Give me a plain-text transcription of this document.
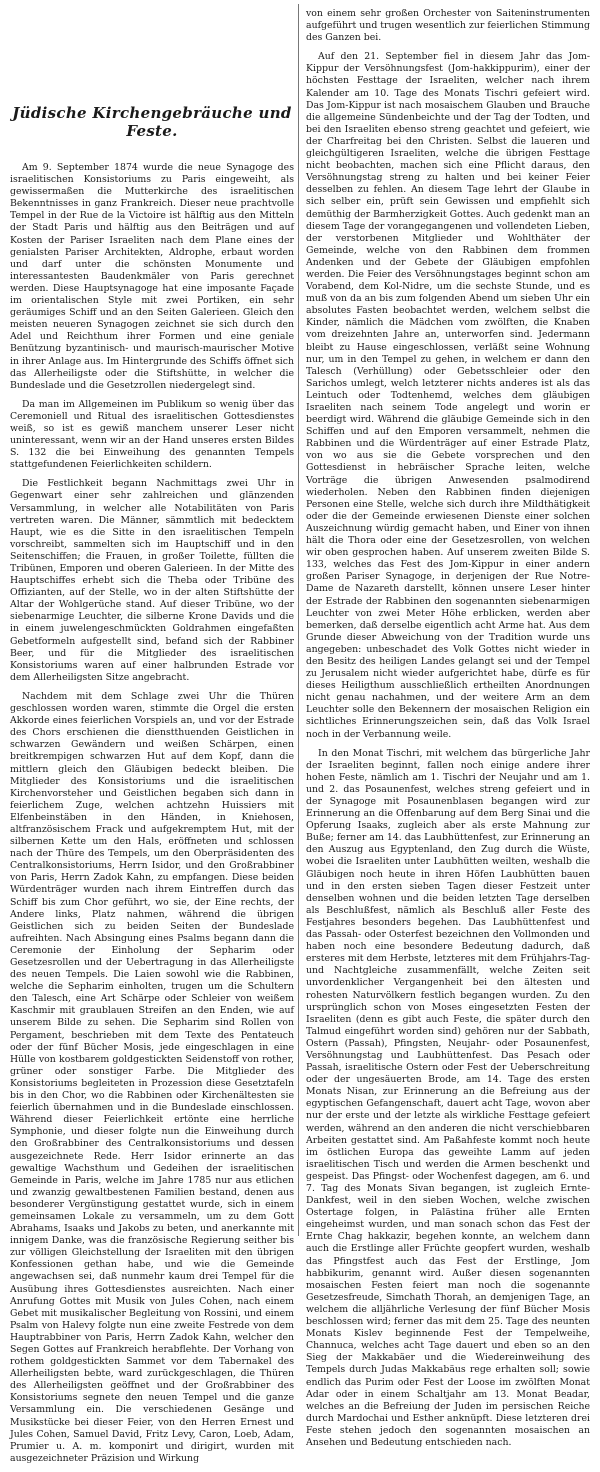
Jüdische Kirchengebräuche und Feste.

Am 9. September 1874 wurde die neue Synagoge des israelitischen Konsistoriums zu Paris eingeweiht, als gewissermaßen die Mutterkirche des israelitischen Bekenntnisses in ganz Frankreich. Dieser neue prachtvolle Tempel in der Rue de la Victoire ist hälftig aus den Mitteln der Stadt Paris und hälftig aus den Beiträgen und auf Kosten der Pariser Israeliten nach dem Plane eines der genialsten Pariser Architekten, Aldrophe, erbaut worden und darf unter die schönsten Monumente und interessantesten Baudenkmäler von Paris gerechnet werden. Diese Hauptsynagoge hat eine imposante Façade im orientalischen Style mit zwei Portiken, ein sehr geräumiges Schiff und an den Seiten Galerieen. Gleich den meisten neueren Synagogen zeichnet sie sich durch den Adel und Reichthum ihrer Formen und eine geniale Benützung byzantinisch- und maurisch-maurischer Motive in ihrer Anlage aus. Im Hintergrunde des Schiffs öffnet sich das Allerheiligste oder die Stiftshütte, in welcher die Bundeslade und die Gesetzrollen niedergelegt sind.

Da man im Allgemeinen im Publikum so wenig über das Ceremoniell und Ritual des israelitischen Gottesdienstes weiß, so ist es gewiß manchem unserer Leser nicht uninteressant, wenn wir an der Hand unseres ersten Bildes S. 132 die bei Einweihung des genannten Tempels stattgefundenen Feierlichkeiten schildern.

Die Festlichkeit begann Nachmittags zwei Uhr in Gegenwart einer sehr zahlreichen und glänzenden Versammlung, in welcher alle Notabilitäten von Paris vertreten waren. Die Männer, sämmtlich mit bedecktem Haupt, wie es die Sitte in den israelitischen Tempeln vorschreibt, sammelten sich im Hauptschiff und in den Seitenschiffen; die Frauen, in großer Toilette, füllten die Tribünen, Emporen und oberen Galerieen. In der Mitte des Hauptschiffes erhebt sich die Theba oder Tribüne des Offizianten, auf der Stelle, wo in der alten Stiftshütte der Altar der Wohlgerüche stand. Auf dieser Tribüne, wo der siebenarmige Leuchter, die silberne Krone Davids und die in einem juwelengeschmückten Goldrahmen eingefaßten Gebetformeln aufgestellt sind, befand sich der Rabbiner Beer, und für die Mitglieder des israelitischen Konsistoriums waren auf einer halbrunden Estrade vor dem Allerheiligsten Sitze angebracht.

Nachdem mit dem Schlage zwei Uhr die Thüren geschlossen worden waren, stimmte die Orgel die ersten Akkorde eines feierlichen Vorspiels an, und vor der Estrade des Chors erschienen die dienstthuenden Geistlichen in schwarzen Gewändern und weißen Schärpen, einen breitkrempigen schwarzen Hut auf dem Kopf, dann die mittlern gleich den Gläubigen bedeckt bleiben. Die Mitglieder des Konsistoriums und die israelitischen Kirchenvorsteher und Geistlichen begaben sich dann in feierlichem Zuge, welchen achtzehn Huissiers mit Elfenbeinstäben in den Händen, in Kniehosen, altfranzösischem Frack und aufgekremptem Hut, mit der silbernen Kette um den Hals, eröffneten und schlossen nach der Thüre des Tempels, um den Oberpräsidenten des Centralkonsistoriums, Herrn Isidor, und den Großrabbiner von Paris, Herrn Zadok Kahn, zu empfangen. Diese beiden Würdenträger wurden nach ihrem Eintreffen durch das Schiff bis zum Chor geführt, wo sie, der Eine rechts, der Andere links, Platz nahmen, während die übrigen Geistlichen sich zu beiden Seiten der Bundeslade aufreihten. Nach Absingung eines Psalms begann dann die Ceremonie der Einholung der Sepharim oder Gesetzesrollen und der Uebertragung in das Allerheiligste des neuen Tempels. Die Laien sowohl wie die Rabbinen, welche die Sepharim einholten, trugen um die Schultern den Talesch, eine Art Schärpe oder Schleier von weißem Kaschmir mit graublauen Streifen an den Enden, wie auf unserem Bilde zu sehen. Die Sepharim sind Rollen von Pergament, beschrieben mit dem Texte des Pentateuch oder der fünf Bücher Mosis, jede eingeschlagen in eine Hülle von kostbarem goldgestickten Seidenstoff von rother, grüner oder sonstiger Farbe. Die Mitglieder des Konsistoriums begleiteten in Prozession diese Gesetztafeln bis in den Chor, wo die Rabbinen oder Kirchenältesten sie feierlich übernahmen und in die Bundeslade einschlossen. Während dieser Feierlichkeit ertönte eine herrliche Symphonie, und dieser folgte nun die Einweihung durch den Großrabbiner des Centralkonsistoriums und dessen ausgezeichnete Rede. Herr Isidor erinnerte an das gewaltige Wachsthum und Gedeihen der israelitischen Gemeinde in Paris, welche im Jahre 1785 nur aus etlichen und zwanzig gewaltbestenen Familien bestand, denen aus besonderer Vergünstigung gestattet wurde, sich in einem gemeinsamen Lokale zu versammeln, um zu dem Gott Abrahams, Isaaks und Jakobs zu beten, und anerkannte mit innigem Danke, was die französische Regierung seither bis zur völligen Gleichstellung der Israeliten mit den übrigen Konfessionen gethan habe, und wie die Gemeinde angewachsen sei, daß nunmehr kaum drei Tempel für die Ausübung ihres Gottesdienstes ausreichten. Nach einer Anrufung Gottes mit Musik von Jules Cohen, nach einem Gebet mit musikalischer Begleitung von Rossini, und einem Psalm von Halevy folgte nun eine zweite Festrede von dem Hauptrabbiner von Paris, Herrn Zadok Kahn, welcher den Segen Gottes auf Frankreich herabflehte. Der Vorhang von rothem goldgestickten Sammet vor dem Tabernakel des Allerheiligsten bebte, ward zurückgeschlagen, die Thüren des Allerheiligsten geöffnet und der Großrabbiner des Konsistoriums segnete den neuen Tempel und die ganze Versammlung ein. Die verschiedenen Gesänge und Musikstücke bei dieser Feier, von den Herren Ernest und Jules Cohen, Samuel David, Fritz Levy, Caron, Loeb, Adam, Prumier u. A. m. komponirt und dirigirt, wurden mit ausgezeichneter Präzision und Wirkung

von einem sehr großen Orchester von Saiteninstrumenten aufgeführt und trugen wesentlich zur feierlichen Stimmung des Ganzen bei.

Auf den 21. September fiel in diesem Jahr das Jom-Kippur der Versöhnungsfest (Jom-hakkippurim), einer der höchsten Festtage der Israeliten, welcher nach ihrem Kalender am 10. Tage des Monats Tischri gefeiert wird. Das Jom-Kippur ist nach mosaischem Glauben und Brauche die allgemeine Sündenbeichte und der Tag der Todten, und bei den Israeliten ebenso streng geachtet und gefeiert, wie der Charfreitag bei den Christen. Selbst die laueren und gleichgültigeren Israeliten, welche die übrigen Festtage nicht beobachten, machen sich eine Pflicht daraus, den Versöhnungstag streng zu halten und bei keiner Feier desselben zu fehlen. An diesem Tage lehrt der Glaube in sich selber ein, prüft sein Gewissen und empfiehlt sich demüthig der Barmherzigkeit Gottes. Auch gedenkt man an diesem Tage der vorangegangenen und vollendeten Lieben, der verstorbenen Mitglieder und Wohlthäter der Gemeinde, welche von den Rabbinen dem frommen Andenken und der Gebete der Gläubigen empfohlen werden. Die Feier des Versöhnungstages beginnt schon am Vorabend, dem Kol-Nidre, um die sechste Stunde, und es muß von da an bis zum folgenden Abend um sieben Uhr ein absolutes Fasten beobachtet werden, welchem selbst die Kinder, nämlich die Mädchen vom zwölften, die Knaben vom dreizehnten Jahre an, unterworfen sind. Jedermann bleibt zu Hause eingeschlossen, verläßt seine Wohnung nur, um in den Tempel zu gehen, in welchem er dann den Talesch (Verhüllung) oder Gebetsschleier oder den Sarichos umlegt, welch letzterer nichts anderes ist als das Leintuch oder Todtenhemd, welches dem gläubigen Israeliten nach seinem Tode angelegt und worin er beerdigt wird. Während die gläubige Gemeinde sich in den Schiffen und auf den Emporen versammelt, nehmen die Rabbinen und die Würdenträger auf einer Estrade Platz, von wo aus sie die Gebete vorsprechen und den Gottesdienst in hebräischer Sprache leiten, welche Vorträge die übrigen Anwesenden psalmodirend wiederholen. Neben den Rabbinen finden diejenigen Personen eine Stelle, welche sich durch ihre Mildthätigkeit oder die der Gemeinde erwiesenen Dienste einer solchen Auszeichnung würdig gemacht haben, und Einer von ihnen hält die Thora oder eine der Gesetzesrollen, von welchen wir oben gesprochen haben. Auf unserem zweiten Bilde S. 133, welches das Fest des Jom-Kippur in einer andern großen Pariser Synagoge, in derjenigen der Rue Notre-Dame de Nazareth darstellt, können unsere Leser hinter der Estrade der Rabbinen den sogenannten siebenarmigen Leuchter von zwei Meter Höhe erblicken, werden aber bemerken, daß derselbe eigentlich acht Arme hat. Aus dem Grunde dieser Abweichung von der Tradition wurde uns angegeben: unbeschadet des Volk Gottes nicht wieder in den Besitz des heiligen Landes gelangt sei und der Tempel zu Jerusalem nicht wieder aufgerichtet habe, dürfe es für dieses Heiligthum ausschließlich ertheilten Anordnungen nicht genau nachahmen, und der weitere Arm an dem Leuchter solle den Bekennern der mosaischen Religion ein sichtliches Erinnerungszeichen sein, daß das Volk Israel noch in der Verbannung weile.

In den Monat Tischri, mit welchem das bürgerliche Jahr der Israeliten beginnt, fallen noch einige andere ihrer hohen Feste, nämlich am 1. Tischri der Neujahr und am 1. und 2. das Posaunenfest, welches streng gefeiert und in der Synagoge mit Posaunenblasen begangen wird zur Erinnerung an die Offenbarung auf dem Berg Sinai und die Opferung Isaaks, zugleich aber als erste Mahnung zur Buße; ferner am 14. das Laubhüttenfest, zur Erinnerung an den Auszug aus Egyptenland, den Zug durch die Wüste, wobei die Israeliten unter Laubhütten weilten, weshalb die Gläubigen noch heute in ihren Höfen Laubhütten bauen und in den ersten sieben Tagen dieser Festzeit unter denselben wohnen und die beiden letzten Tage derselben als Beschlußfest, nämlich als Beschluß aller Feste des Festjahres besonders begehen. Das Laubhüttenfest und das Passah- oder Osterfest bezeichnen den Vollmonden und haben noch eine besondere Bedeutung dadurch, daß ersteres mit dem Herbste, letzteres mit dem Frühjahrs-Tag- und Nachtgleiche zusammenfällt, welche Zeiten seit unvordenklicher Vergangenheit bei den ältesten und rohesten Naturvölkern festlich begangen wurden. Zu den ursprünglich schon von Moses eingesetzten Festen der Israeliten (denn es gibt auch Feste, die später durch den Talmud eingeführt worden sind) gehören nur der Sabbath, Ostern (Passah), Pfingsten, Neujahr- oder Posaunenfest, Versöhnungstag und Laubhüttenfest. Das Pesach oder Passah, israelitische Ostern oder Fest der Ueberschreitung oder der ungesäuerten Brode, am 14. Tage des ersten Monats Nisan, zur Erinnerung an die Befreiung aus der egyptischen Gefangenschaft, dauert acht Tage, wovon aber nur der erste und der letzte als wirkliche Festtage gefeiert werden, während an den anderen die nicht verschiebbaren Arbeiten gestattet sind. Am Paßahfeste kommt noch heute im östlichen Europa das geweihte Lamm auf jeden israelitischen Tisch und werden die Armen beschenkt und gespeist. Das Pfingst- oder Wochenfest dagegen, am 6. und 7. Tag des Monats Sivan begangen, ist zugleich Ernte-Dankfest, weil in den sieben Wochen, welche zwischen Ostertage folgen, in Palästina früher alle Ernten eingeheimst wurden, und man sonach schon das Fest der Ernte Chag hakkazir, begehen konnte, an welchem dann auch die Erstlinge aller Früchte geopfert wurden, weshalb das Pfingstfest auch das Fest der Erstlinge, Jom habbikurim, genannt wird. Außer diesen sogenannten mosaischen Festen feiert man noch die sogenannte Gesetzesfreude, Simchath Thorah, an demjenigen Tage, an welchem die alljährliche Verlesung der fünf Bücher Mosis beschlossen wird; ferner das mit dem 25. Tage des neunten Monats Kislev beginnende Fest der Tempelweihe, Channuca, welches acht Tage dauert und eben so an den Sieg der Makkabäer und die Wiedereinweihung des Tempels durch Judas Makkabäus rege erhalten soll; sowie endlich das Purim oder Fest der Loose im zwölften Monat Adar oder in einem Schaltjahr am 13. Monat Beadar, welches an die Befreiung der Juden im persischen Reiche durch Mardochai und Esther anknüpft. Diese letzteren drei Feste stehen jedoch den sogenannten mosaischen an Ansehen und Bedeutung entschieden nach.
